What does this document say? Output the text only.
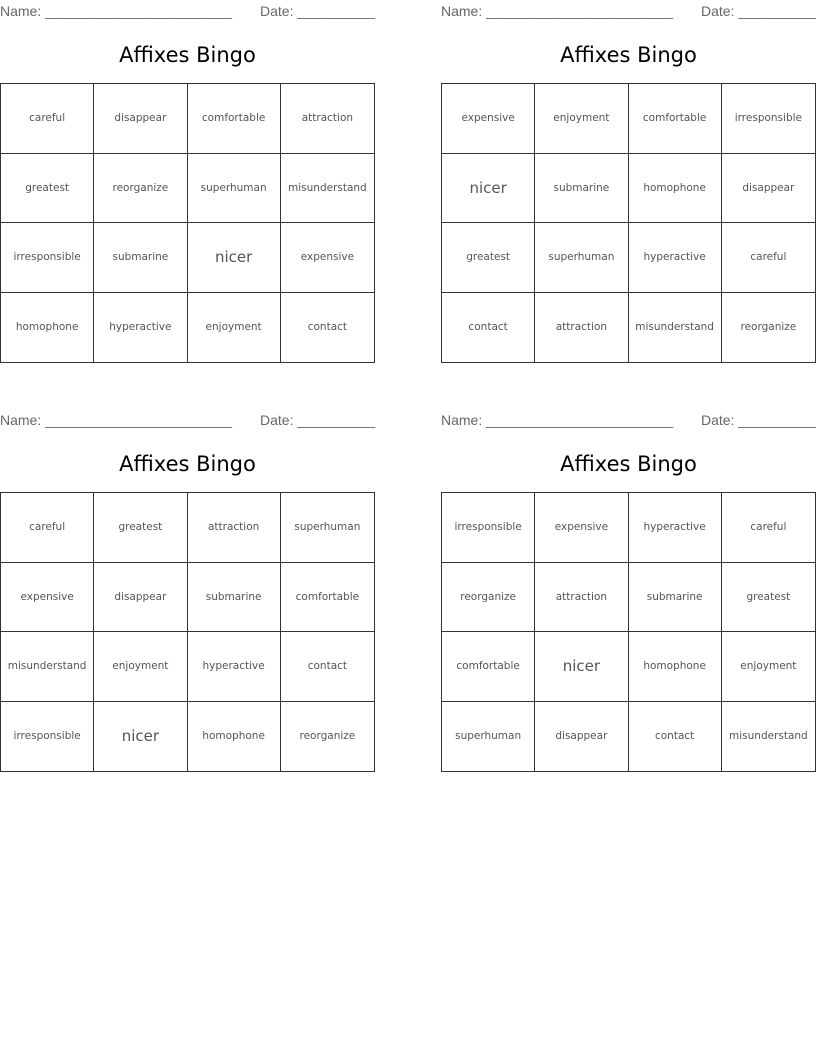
Name: ________________________ Date: __________
Affixes Bingo
careful	disappear	comfortable	attraction
greatest	reorganize	superhuman	misunderstand
irresponsible	submarine	nicer	expensive
homophone	hyperactive	enjoyment	contact
Name: ________________________ Date: __________
Affixes Bingo
expensive	enjoyment	comfortable	irresponsible
nicer	submarine	homophone	disappear
greatest	superhuman	hyperactive	careful
contact	attraction	misunderstand	reorganize
Name: ________________________ Date: __________
Affixes Bingo
careful	greatest	attraction	superhuman
expensive	disappear	submarine	comfortable
misunderstand	enjoyment	hyperactive	contact
irresponsible	nicer	homophone	reorganize
Name: ________________________ Date: __________
Affixes Bingo
irresponsible	expensive	hyperactive	careful
reorganize	attraction	submarine	greatest
comfortable	nicer	homophone	enjoyment
superhuman	disappear	contact	misunderstand
